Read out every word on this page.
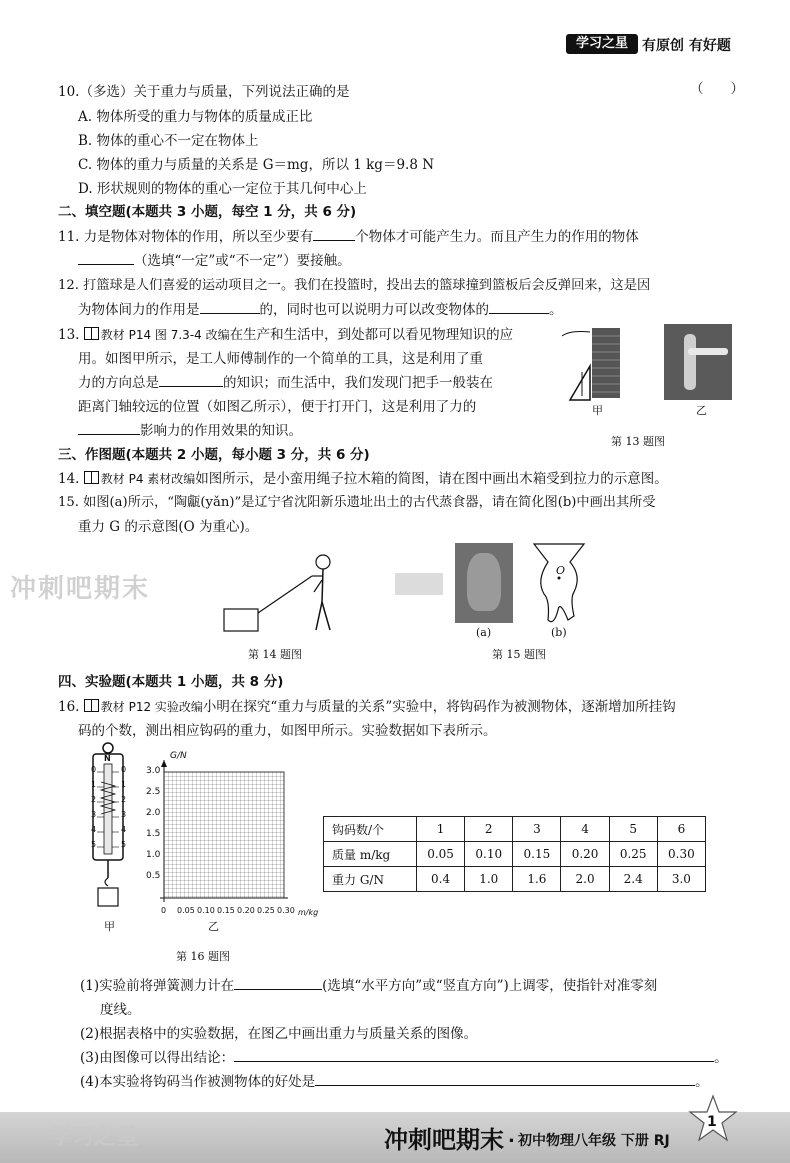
学习之星	有原创 有好题
10.（多选）关于重力与质量，下列说法正确的是	（　　）
A. 物体所受的重力与物体的质量成正比
B. 物体的重心不一定在物体上
C. 物体的重力与质量的关系是 G＝mg，所以 1 kg＝9.8 N
D. 形状规则的物体的重心一定位于其几何中心上
二、填空题(本题共 3 小题，每空 1 分，共 6 分)
11. 力是物体对物体的作用，所以至少要有	个物体才可能产生力。而且产生力的作用的物体
（选填“一定”或“不一定”）要接触。
12. 打篮球是人们喜爱的运动项目之一。我们在投篮时，投出去的篮球撞到篮板后会反弹回来，这是因
为物体间力的作用是	的，同时也可以说明力可以改变物体的	。
13. 教材 P14 图 7.3-4 改编在生产和生活中，到处都可以看见物理知识的应
用。如图甲所示，是工人师傅制作的一个简单的工具，这是利用了重
力的方向总是	的知识；而生活中，我们发现门把手一般装在
距离门轴较远的位置（如图乙所示），便于打开门，这是利用了力的
影响力的作用效果的知识。
甲	乙
第 13 题图
三、作图题(本题共 2 小题，每小题 3 分，共 6 分)
14. 教材 P4 素材改编如图所示，是小蛮用绳子拉木箱的简图，请在图中画出木箱受到拉力的示意图。
15. 如图(a)所示，“陶甗(yǎn)”是辽宁省沈阳新乐遗址出土的古代蒸食器，请在简化图(b)中画出其所受
重力 G 的示意图(O 为重心)。
冲刺吧期末
第 14 题图
O
(a)	(b)
第 15 题图
四、实验题(本题共 1 小题，共 8 分)
16. 教材 P12 实验改编小明在探究“重力与质量的关系”实验中，将钩码作为被测物体，逐渐增加所挂钩
码的个数，测出相应钩码的重力，如图甲所示。实验数据如下表所示。
N
0	0
1	1
2	2
3	3
4	4
5	5
甲
G/N
3.0
2.5
2.0
1.5
1.0
0.5
0 0.05 0.10 0.15 0.20 0.25 0.30 m/kg
乙
第 16 题图
钩码数/个	1	2	3	4	5	6
质量 m/kg	0.05	0.10	0.15	0.20	0.25	0.30
重力 G/N	0.4	1.0	1.6	2.0	2.4	3.0
(1)实验前将弹簧测力计在	(选填“水平方向”或“竖直方向”)上调零，使指针对准零刻
度线。
(2)根据表格中的实验数据，在图乙中画出重力与质量关系的图像。
(3)由图像可以得出结论：	。
(4)本实验将钩码当作被测物体的好处是	。
学习之星	冲刺吧期末 . 初中物理八年级 下册 RJ
1
